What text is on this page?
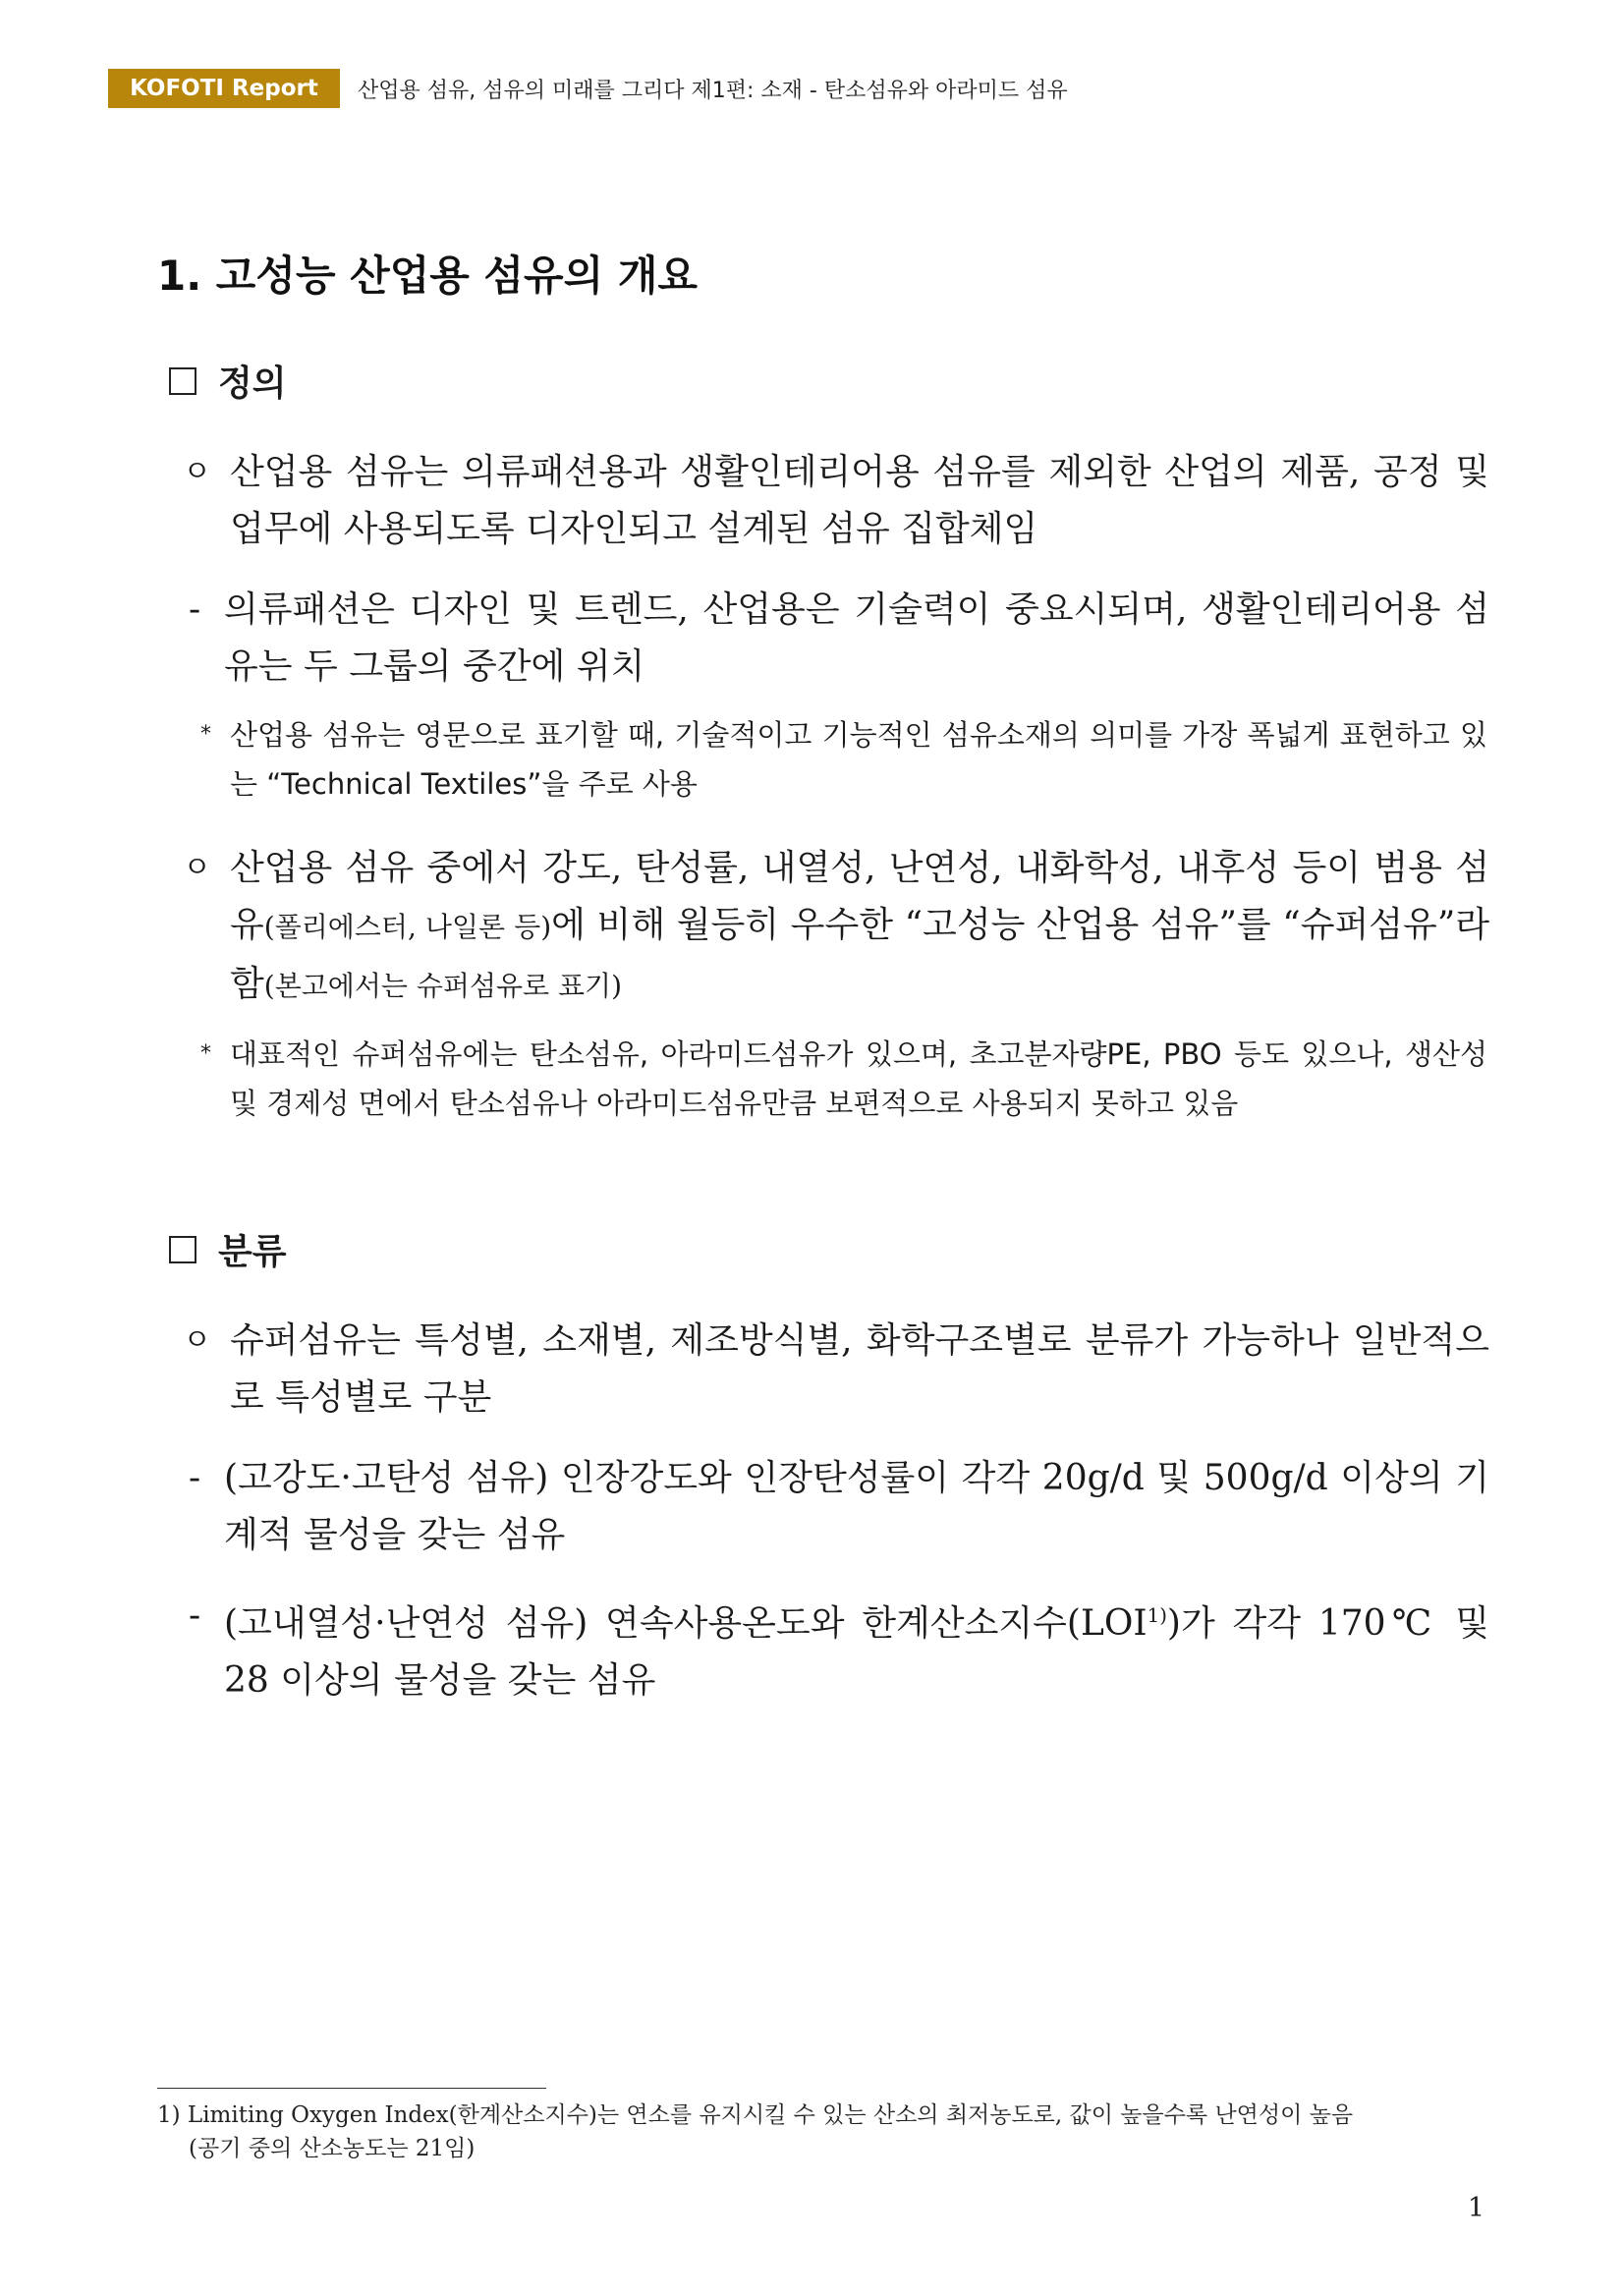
KOFOTI Report	산업용 섬유, 섬유의 미래를 그리다 제1편: 소재 - 탄소섬유와 아라미드 섬유
1. 고성능 산업용 섬유의 개요
정의
ㅇ 산업용 섬유는 의류패션용과 생활인테리어용 섬유를 제외한 산업의 제품, 공정 및 업무에 사용되도록 디자인되고 설계된 섬유 집합체임
- 의류패션은 디자인 및 트렌드, 산업용은 기술력이 중요시되며, 생활인테리어용 섬유는 두 그룹의 중간에 위치
* 산업용 섬유는 영문으로 표기할 때, 기술적이고 기능적인 섬유소재의 의미를 가장 폭넓게 표현하고 있는 “Technical Textiles”을 주로 사용
ㅇ 산업용 섬유 중에서 강도, 탄성률, 내열성, 난연성, 내화학성, 내후성 등이 범용 섬유(폴리에스터, 나일론 등)에 비해 월등히 우수한 “고성능 산업용 섬유”를 “슈퍼섬유”라 함(본고에서는 슈퍼섬유로 표기)
* 대표적인 슈퍼섬유에는 탄소섬유, 아라미드섬유가 있으며, 초고분자량PE, PBO 등도 있으나, 생산성 및 경제성 면에서 탄소섬유나 아라미드섬유만큼 보편적으로 사용되지 못하고 있음
분류
ㅇ 슈퍼섬유는 특성별, 소재별, 제조방식별, 화학구조별로 분류가 가능하나 일반적으로 특성별로 구분
- (고강도·고탄성 섬유) 인장강도와 인장탄성률이 각각 20g/d 및 500g/d 이상의 기계적 물성을 갖는 섬유
- (고내열성·난연성 섬유) 연속사용온도와 한계산소지수(LOI$^{1)}$)가 각각 170℃ 및 28 이상의 물성을 갖는 섬유
1) Limiting Oxygen Index(한계산소지수)는 연소를 유지시킬 수 있는 산소의 최저농도로, 값이 높을수록 난연성이 높음
(공기 중의 산소농도는 21임)
1
